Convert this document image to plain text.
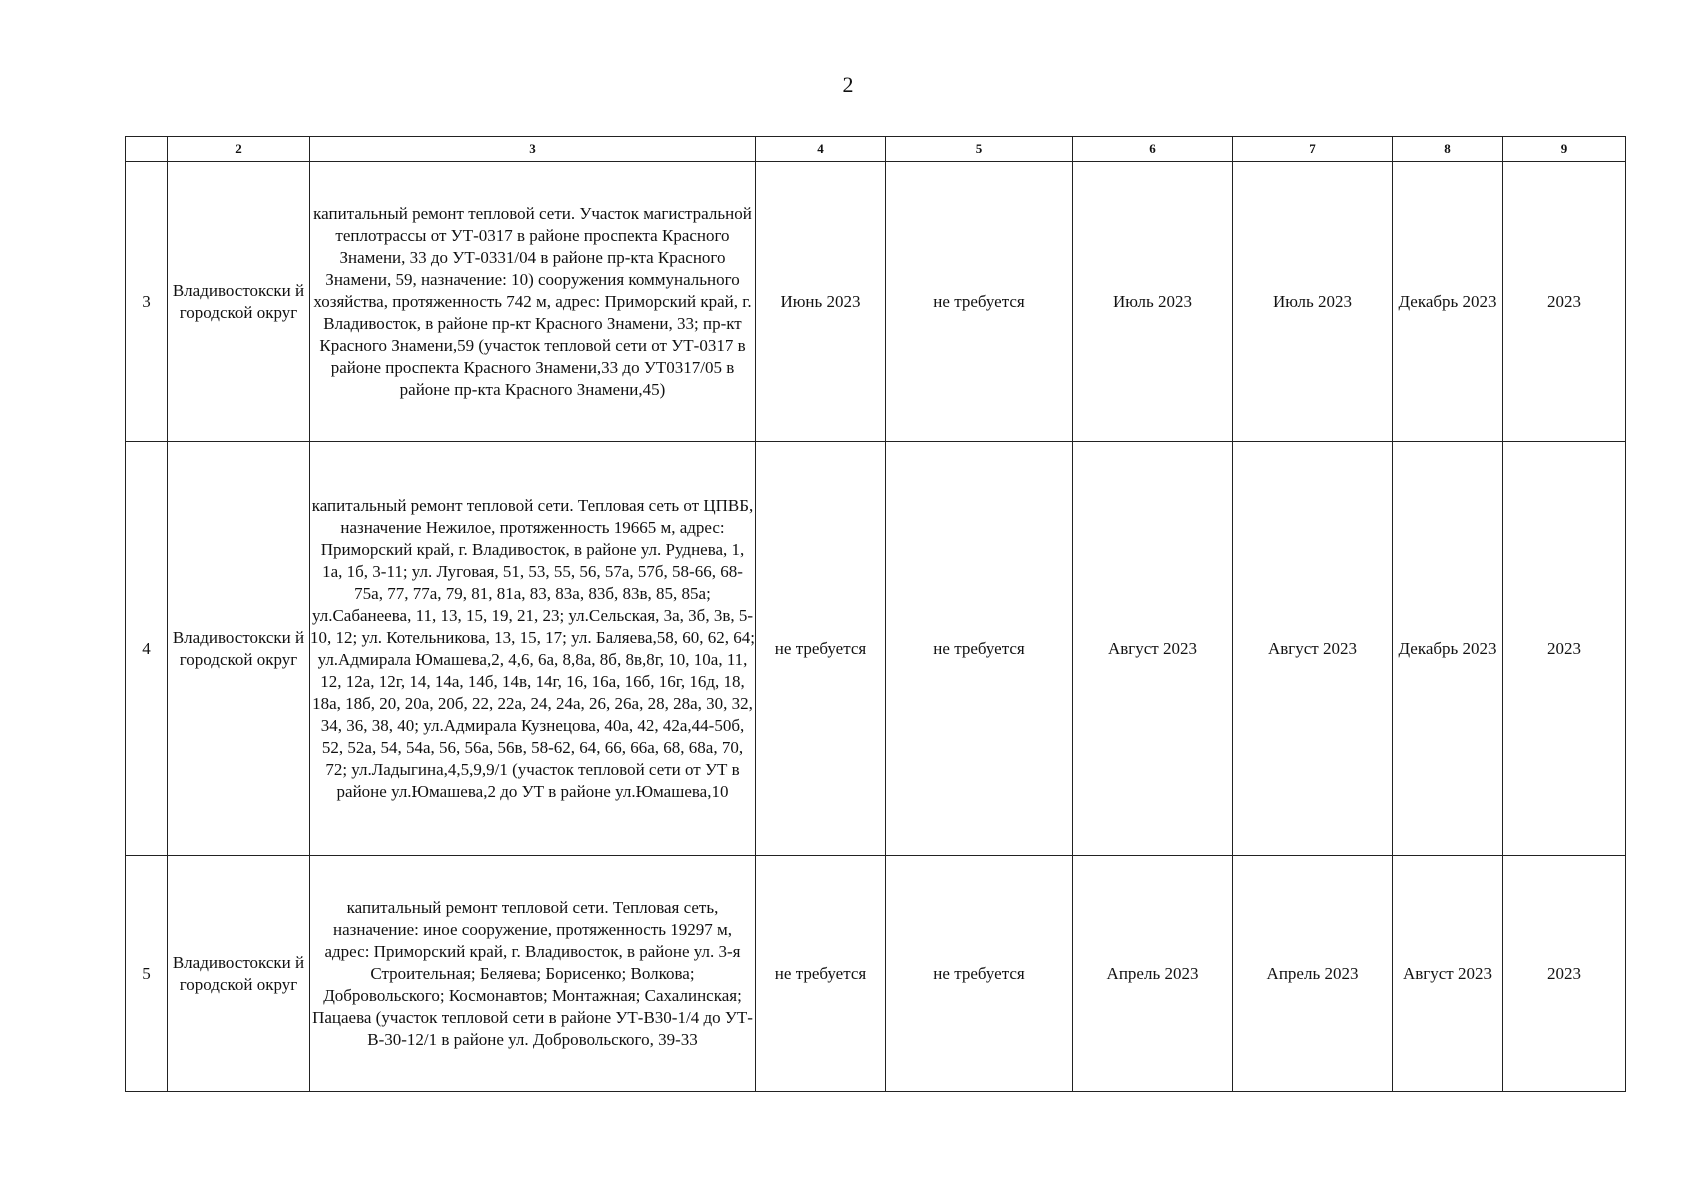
2
	2	3	4	5	6	7	8	9
3	Владивостокски й городской округ	капитальный ремонт тепловой сети. Участок магистральной теплотрассы от УТ-0317 в районе проспекта Красного Знамени, 33 до УТ-0331/04 в районе пр-кта Красного Знамени, 59, назначение: 10) сооружения коммунального хозяйства, протяженность 742 м, адрес: Приморский край, г. Владивосток, в районе пр-кт Красного Знамени, 33; пр-кт Красного Знамени,59 (участок тепловой сети от УТ-0317 в районе проспекта Красного Знамени,33 до УТ0317/05 в районе пр-кта Красного Знамени,45)	Июнь 2023	не требуется	Июль 2023	Июль 2023	Декабрь 2023	2023
4	Владивостокски й городской округ	капитальный ремонт тепловой сети. Тепловая сеть от ЦПВБ, назначение Нежилое, протяженность 19665 м, адрес: Приморский край, г. Владивосток, в районе ул. Руднева, 1, 1а, 1б, 3-11; ул. Луговая, 51, 53, 55, 56, 57а, 57б, 58-66, 68-75а, 77, 77а, 79, 81, 81а, 83, 83а, 83б, 83в, 85, 85а; ул.Сабанеева, 11, 13, 15, 19, 21, 23; ул.Сельская, 3а, 3б, 3в, 5-10, 12; ул. Котельникова, 13, 15, 17; ул. Баляева,58, 60, 62, 64; ул.Адмирала Юмашева,2, 4,6, 6а, 8,8а, 8б, 8в,8г, 10, 10а, 11, 12, 12а, 12г, 14, 14а, 14б, 14в, 14г, 16, 16а, 16б, 16г, 16д, 18, 18а, 18б, 20, 20а, 20б, 22, 22а, 24, 24а, 26, 26а, 28, 28а, 30, 32, 34, 36, 38, 40; ул.Адмирала Кузнецова, 40а, 42, 42а,44-50б, 52, 52а, 54, 54а, 56, 56а, 56в, 58-62, 64, 66, 66а, 68, 68а, 70, 72; ул.Ладыгина,4,5,9,9/1 (участок тепловой сети от УТ в районе ул.Юмашева,2 до УТ в районе ул.Юмашева,10	не требуется	не требуется	Август 2023	Август 2023	Декабрь 2023	2023
5	Владивостокски й городской округ	капитальный ремонт тепловой сети. Тепловая сеть, назначение: иное сооружение, протяженность 19297 м, адрес: Приморский край, г. Владивосток, в районе ул. 3-я Строительная; Беляева; Борисенко; Волкова; Добровольского; Космонавтов; Монтажная; Сахалинская; Пацаева (участок тепловой сети в районе УТ-В30-1/4 до УТ-В-30-12/1 в районе ул. Добровольского, 39-33	не требуется	не требуется	Апрель 2023	Апрель 2023	Август 2023	2023
